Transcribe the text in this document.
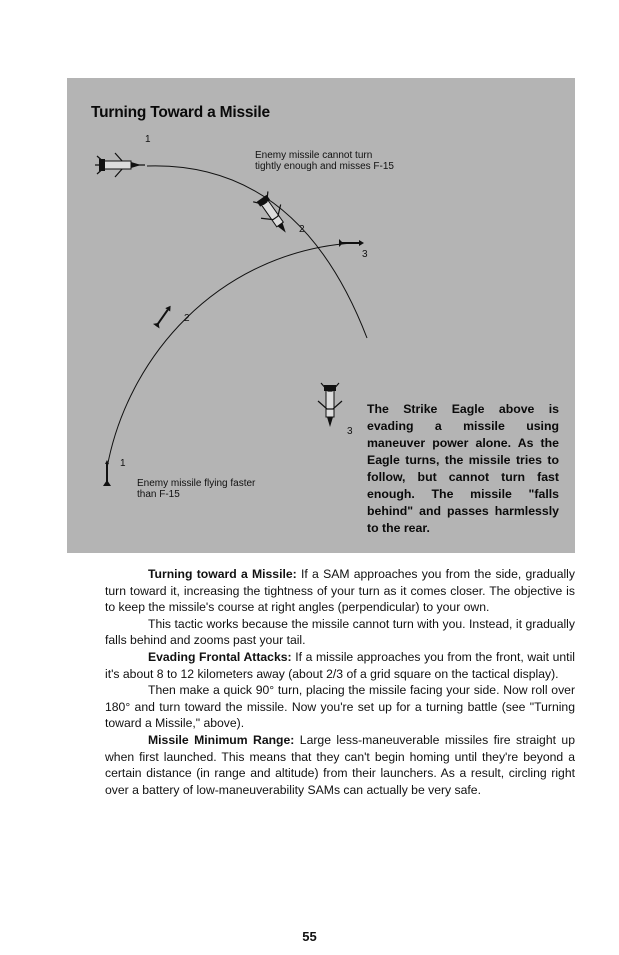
Turning Toward a Missile
1
2
3
1
2
3
Enemy missile cannot turn tightly enough and misses F-15
Enemy missile flying faster than F-15
The Strike Eagle above is evading a missile using maneuver power alone. As the Eagle turns, the missile tries to follow, but cannot turn fast enough. The missile "falls behind" and passes harmlessly to the rear.

Turning toward a Missile: If a SAM approaches you from the side, gradually turn toward it, increasing the tightness of your turn as it comes closer. The objective is to keep the missile's course at right angles (perpendicular) to your own.

This tactic works because the missile cannot turn with you. Instead, it gradually falls behind and zooms past your tail.

Evading Frontal Attacks: If a missile approaches you from the front, wait until it's about 8 to 12 kilometers away (about 2/3 of a grid square on the tactical display).

Then make a quick 90° turn, placing the missile facing your side. Now roll over 180° and turn toward the missile. Now you're set up for a turning battle (see "Turning toward a Missile," above).

Missile Minimum Range: Large less-maneuverable missiles fire straight up when first launched. This means that they can't begin homing until they're beyond a certain distance (in range and altitude) from their launchers. As a result, circling right over a battery of low-maneuverability SAMs can actually be very safe.

55
